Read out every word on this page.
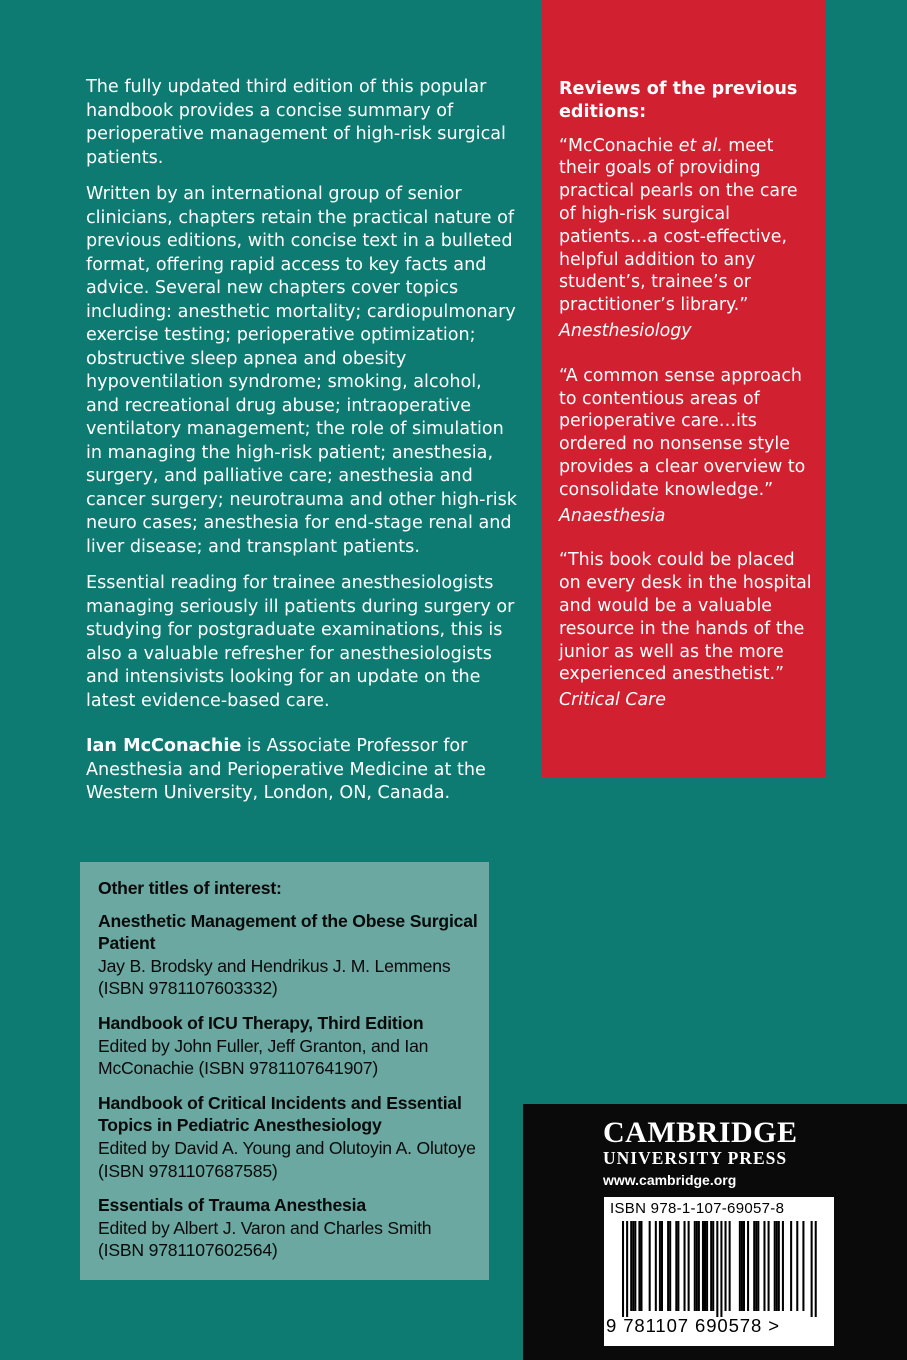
The fully updated third edition of this popular handbook provides a concise summary of perioperative management of high-risk surgical patients.

Written by an international group of senior clinicians, chapters retain the practical nature of previous editions, with concise text in a bulleted format, offering rapid access to key facts and advice. Several new chapters cover topics including: anesthetic mortality; cardiopulmonary exercise testing; perioperative optimization; obstructive sleep apnea and obesity hypoventilation syndrome; smoking, alcohol, and recreational drug abuse; intraoperative ventilatory management; the role of simulation in managing the high-risk patient; anesthesia, surgery, and palliative care; anesthesia and cancer surgery; neurotrauma and other high-risk neuro cases; anesthesia for end-stage renal and liver disease; and transplant patients.

Essential reading for trainee anesthesiologists managing seriously ill patients during surgery or studying for postgraduate examinations, this is also a valuable refresher for anesthesiologists and intensivists looking for an update on the latest evidence-based care.

Ian McConachie is Associate Professor for Anesthesia and Perioperative Medicine at the Western University, London, ON, Canada.

Reviews of the previous editions:
“McConachie et al. meet their goals of providing practical pearls on the care of high-risk surgical patients…a cost-effective, helpful addition to any student’s, trainee’s or practitioner’s library.”
Anesthesiology
“A common sense approach to contentious areas of perioperative care…its ordered no nonsense style provides a clear overview to consolidate knowledge.”
Anaesthesia
“This book could be placed on every desk in the hospital and would be a valuable resource in the hands of the junior as well as the more experienced anesthetist.”
Critical Care
Other titles of interest:
Anesthetic Management of the Obese Surgical Patient
Jay B. Brodsky and Hendrikus J. M. Lemmens (ISBN 9781107603332)
Handbook of ICU Therapy, Third Edition
Edited by John Fuller, Jeff Granton, and Ian McConachie (ISBN 9781107641907)
Handbook of Critical Incidents and Essential Topics in Pediatric Anesthesiology
Edited by David A. Young and Olutoyin A. Olutoye (ISBN 9781107687585)
Essentials of Trauma Anesthesia
Edited by Albert J. Varon and Charles Smith (ISBN 9781107602564)
CAMBRIDGE
UNIVERSITY PRESS
www.cambridge.org
ISBN 978-1-107-69057-8
9 781107 690578 >
